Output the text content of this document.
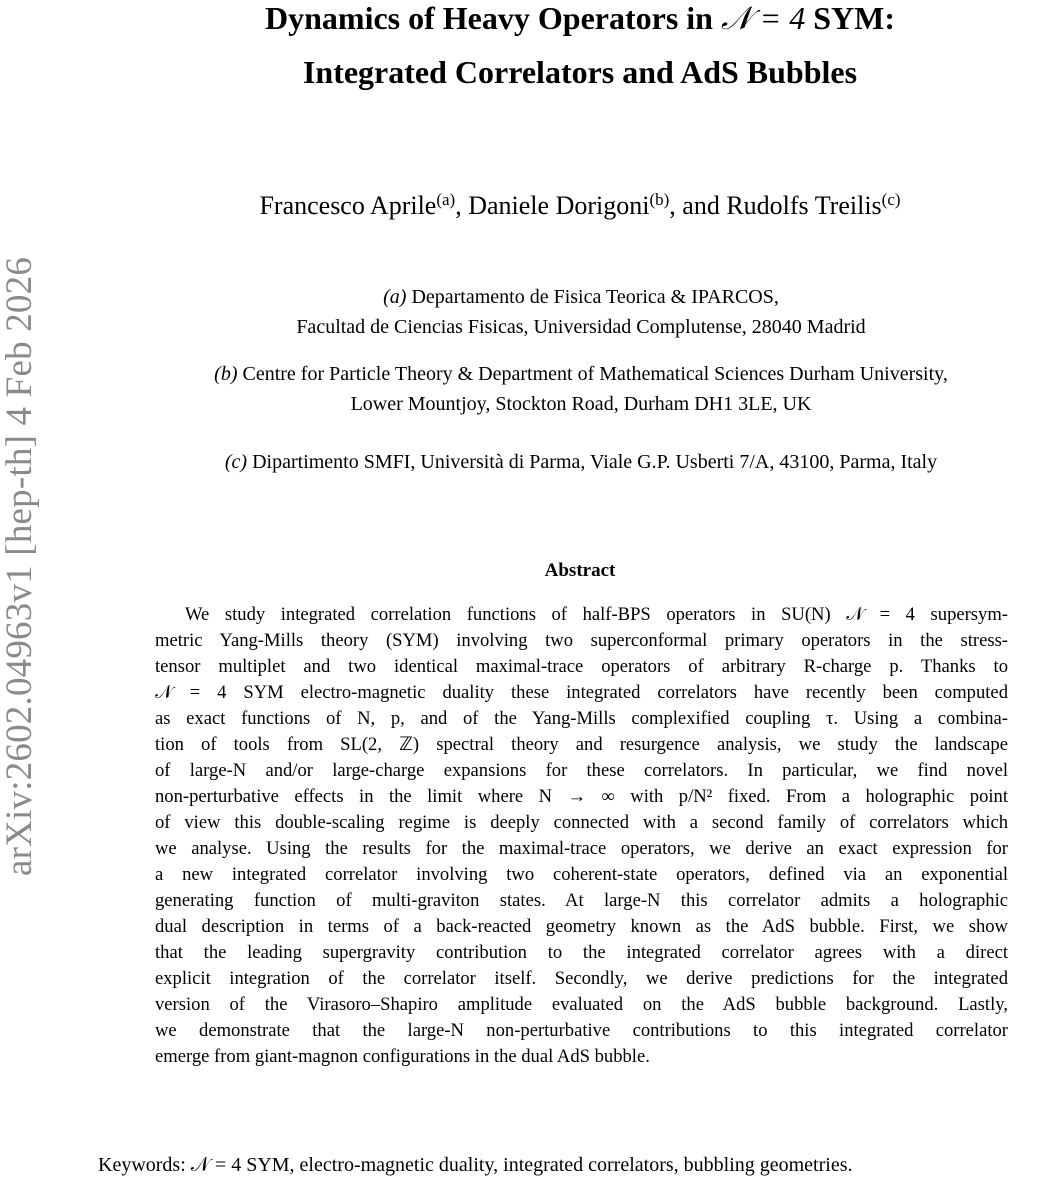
arXiv:2602.04963v1 [hep-th] 4 Feb 2026
Dynamics of Heavy Operators in 𝒩 = 4 SYM:
Integrated Correlators and AdS Bubbles
Francesco Aprile$^{(a)}$, Daniele Dorigoni$^{(b)}$, and Rudolfs Treilis$^{(c)}$
(a) Departamento de Fisica Teorica & IPARCOS,
Facultad de Ciencias Fisicas, Universidad Complutense, 28040 Madrid
(b) Centre for Particle Theory & Department of Mathematical Sciences Durham University,
Lower Mountjoy, Stockton Road, Durham DH1 3LE, UK
(c) Dipartimento SMFI, Università di Parma, Viale G.P. Usberti 7/A, 43100, Parma, Italy
Abstract
We study integrated correlation functions of half-BPS operators in SU(N) 𝒩 = 4 supersym-
metric Yang-Mills theory (SYM) involving two superconformal primary operators in the stress-
tensor multiplet and two identical maximal-trace operators of arbitrary R-charge p. Thanks to
𝒩 = 4 SYM electro-magnetic duality these integrated correlators have recently been computed
as exact functions of N, p, and of the Yang-Mills complexified coupling τ. Using a combina-
tion of tools from SL(2, ℤ) spectral theory and resurgence analysis, we study the landscape
of large-N and/or large-charge expansions for these correlators. In particular, we find novel
non-perturbative effects in the limit where N → ∞ with p/N² fixed. From a holographic point
of view this double-scaling regime is deeply connected with a second family of correlators which
we analyse. Using the results for the maximal-trace operators, we derive an exact expression for
a new integrated correlator involving two coherent-state operators, defined via an exponential
generating function of multi-graviton states. At large-N this correlator admits a holographic
dual description in terms of a back-reacted geometry known as the AdS bubble. First, we show
that the leading supergravity contribution to the integrated correlator agrees with a direct
explicit integration of the correlator itself. Secondly, we derive predictions for the integrated
version of the Virasoro–Shapiro amplitude evaluated on the AdS bubble background. Lastly,
we demonstrate that the large-N non-perturbative contributions to this integrated correlator
emerge from giant-magnon configurations in the dual AdS bubble.
Keywords: 𝒩 = 4 SYM, electro-magnetic duality, integrated correlators, bubbling geometries.
